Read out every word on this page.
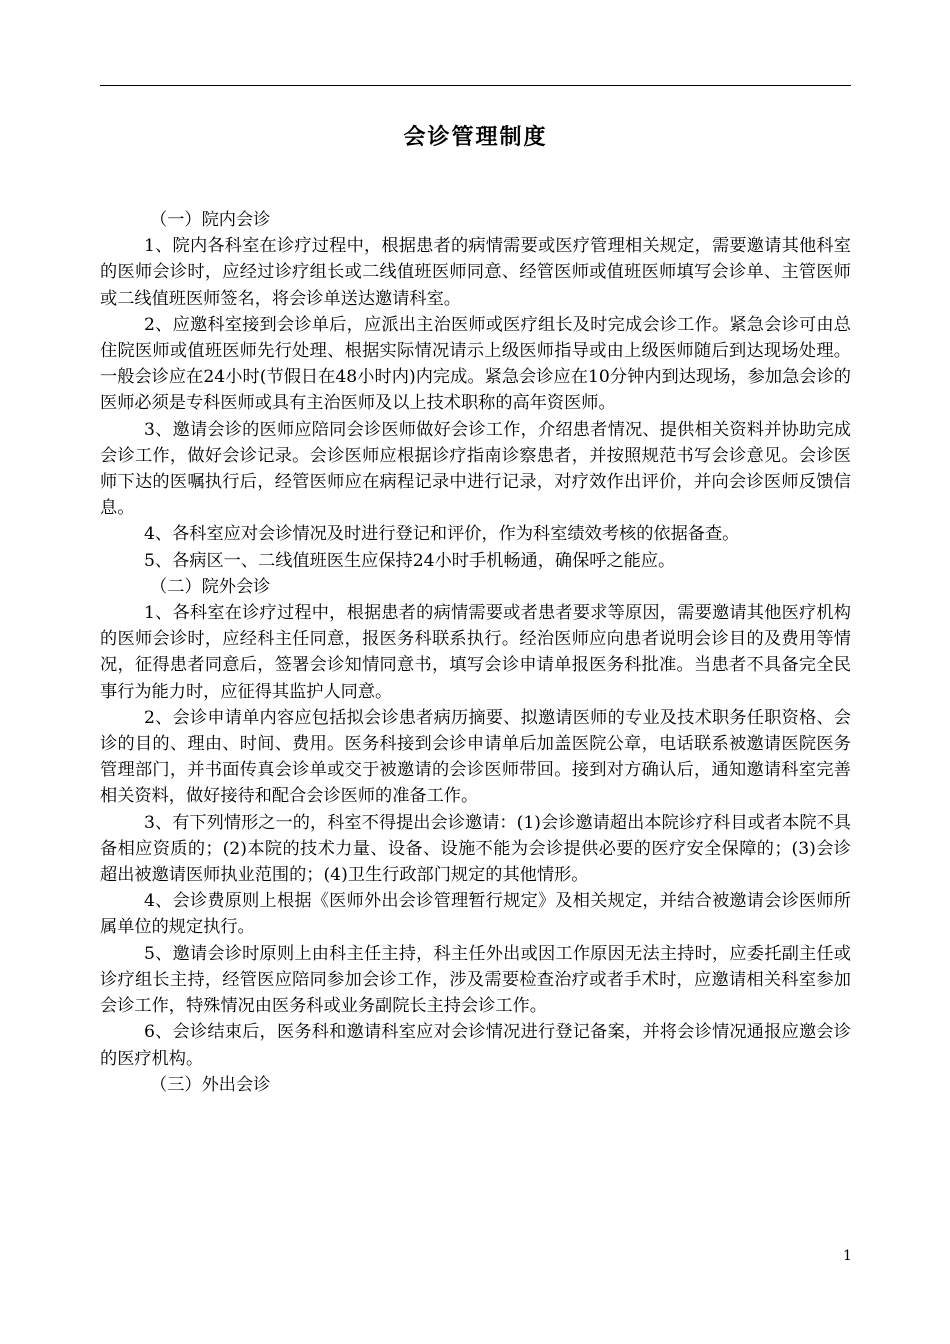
会诊管理制度

（一）院内会诊

1、院内各科室在诊疗过程中，根据患者的病情需要或医疗管理相关规定，需要邀请其他科室的医师会诊时，应经过诊疗组长或二线值班医师同意、经管医师或值班医师填写会诊单、主管医师或二线值班医师签名，将会诊单送达邀请科室。

2、应邀科室接到会诊单后，应派出主治医师或医疗组长及时完成会诊工作。紧急会诊可由总住院医师或值班医师先行处理、根据实际情况请示上级医师指导或由上级医师随后到达现场处理。一般会诊应在24小时(节假日在48小时内)内完成。紧急会诊应在10分钟内到达现场，参加急会诊的医师必须是专科医师或具有主治医师及以上技术职称的高年资医师。

3、邀请会诊的医师应陪同会诊医师做好会诊工作，介绍患者情况、提供相关资料并协助完成会诊工作，做好会诊记录。会诊医师应根据诊疗指南诊察患者，并按照规范书写会诊意见。会诊医师下达的医嘱执行后，经管医师应在病程记录中进行记录，对疗效作出评价，并向会诊医师反馈信息。

4、各科室应对会诊情况及时进行登记和评价，作为科室绩效考核的依据备查。

5、各病区一、二线值班医生应保持24小时手机畅通，确保呼之能应。

（二）院外会诊

1、各科室在诊疗过程中，根据患者的病情需要或者患者要求等原因，需要邀请其他医疗机构的医师会诊时，应经科主任同意，报医务科联系执行。经治医师应向患者说明会诊目的及费用等情况，征得患者同意后，签署会诊知情同意书，填写会诊申请单报医务科批准。当患者不具备完全民事行为能力时，应征得其监护人同意。

2、会诊申请单内容应包括拟会诊患者病历摘要、拟邀请医师的专业及技术职务任职资格、会诊的目的、理由、时间、费用。医务科接到会诊申请单后加盖医院公章，电话联系被邀请医院医务管理部门，并书面传真会诊单或交于被邀请的会诊医师带回。接到对方确认后，通知邀请科室完善相关资料，做好接待和配合会诊医师的准备工作。

3、有下列情形之一的，科室不得提出会诊邀请：(1)会诊邀请超出本院诊疗科目或者本院不具备相应资质的；(2)本院的技术力量、设备、设施不能为会诊提供必要的医疗安全保障的；(3)会诊超出被邀请医师执业范围的；(4)卫生行政部门规定的其他情形。

4、会诊费原则上根据《医师外出会诊管理暂行规定》及相关规定，并结合被邀请会诊医师所属单位的规定执行。

5、邀请会诊时原则上由科主任主持，科主任外出或因工作原因无法主持时，应委托副主任或诊疗组长主持，经管医应陪同参加会诊工作，涉及需要检查治疗或者手术时，应邀请相关科室参加会诊工作，特殊情况由医务科或业务副院长主持会诊工作。

6、会诊结束后，医务科和邀请科室应对会诊情况进行登记备案，并将会诊情况通报应邀会诊的医疗机构。

（三）外出会诊

1
